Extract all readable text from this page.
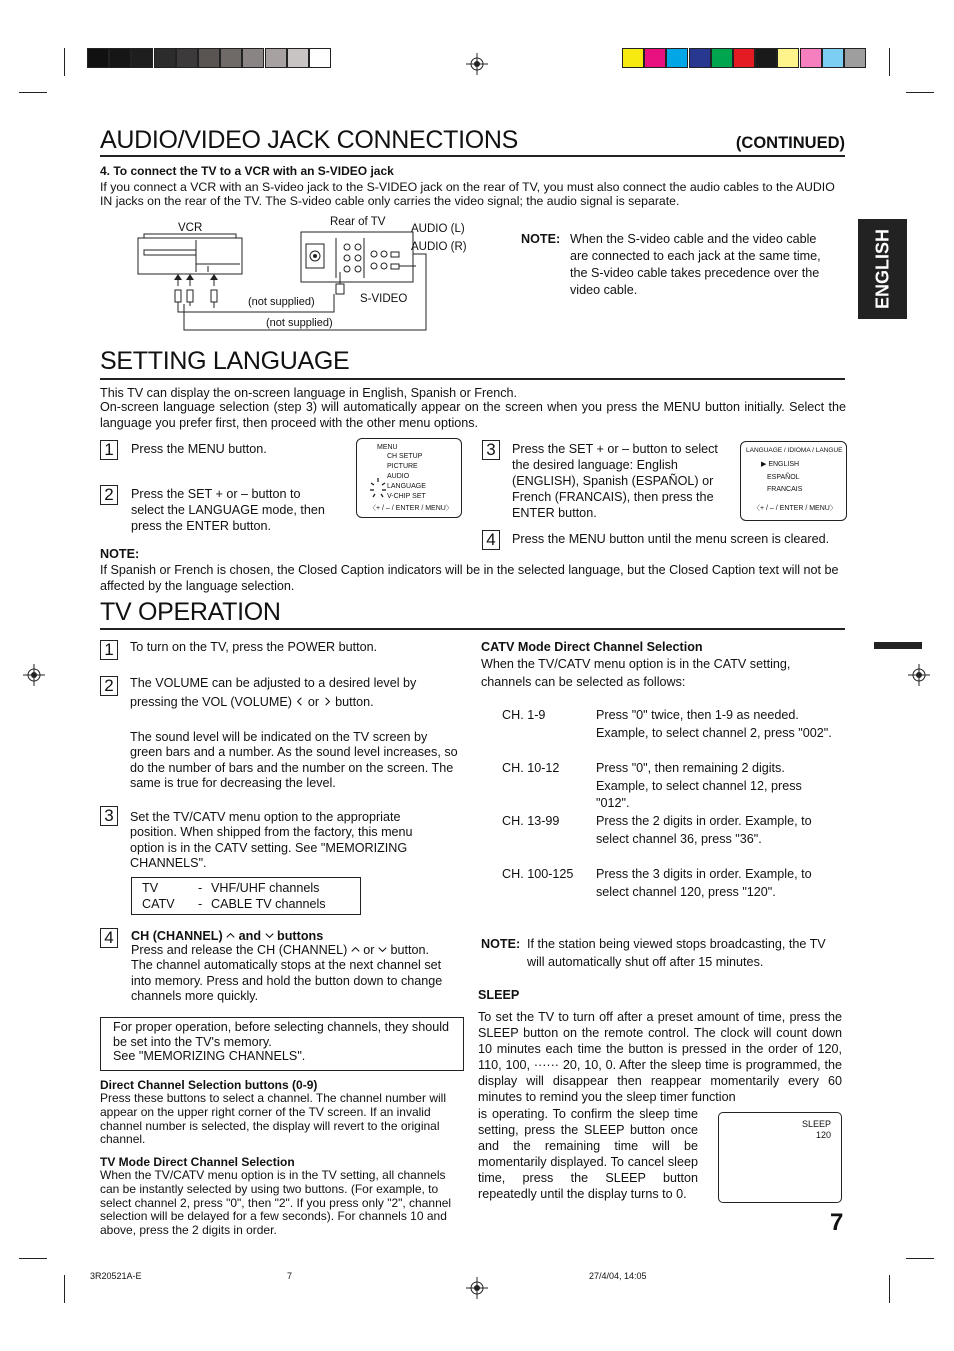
ENGLISH
AUDIO/VIDEO JACK CONNECTIONS	(CONTINUED)
4. To connect the TV to a VCR with an S-VIDEO jack
If you connect a VCR with an S-video jack to the S-VIDEO jack on the rear of TV, you must also connect the audio cables to the AUDIO IN jacks on the rear of the TV. The S-video cable only carries the video signal; the audio signal is separate.
VCR	Rear of TV
AUDIO (L)
AUDIO (R)
(not supplied)	S-VIDEO
(not supplied)
NOTE: When the S-video cable and the video cable are connected to each jack at the same time, the S-video cable takes precedence over the video cable.
SETTING LANGUAGE
This TV can display the on-screen language in English, Spanish or French.
On-screen language selection (step 3) will automatically appear on the screen when you press the MENU button initially. Select the language you prefer first, then proceed with the other menu options.
1	Press the MENU button.
2	Press the SET + or – button to select the LANGUAGE mode, then press the ENTER button.
MENU
CH SETUP
PICTURE
AUDIO
LANGUAGE
V-CHIP SET
〈+ / – / ENTER / MENU〉
3	Press the SET + or – button to select the desired language: English (ENGLISH), Spanish (ESPAÑOL) or French (FRANCAIS), then press the ENTER button.
LANGUAGE / IDIOMA / LANGUE
▶ ENGLISH
ESPAÑOL
FRANCAIS
〈+ / – / ENTER / MENU〉
4	Press the MENU button until the menu screen is cleared.
NOTE:
If Spanish or French is chosen, the Closed Caption indicators will be in the selected language, but the Closed Caption text will not be affected by the language selection.
TV OPERATION
1	To turn on the TV, press the POWER button.
2	The VOLUME can be adjusted to a desired level by pressing the VOL (VOLUME)  or  button.
The sound level will be indicated on the TV screen by green bars and a number. As the sound level increases, so do the number of bars and the number on the screen. The same is true for decreasing the level.
3	Set the TV/CATV menu option to the appropriate position. When shipped from the factory, this menu option is in the CATV setting. See "MEMORIZING CHANNELS".
TV	- VHF/UHF channels
CATV - CABLE TV channels
4	CH (CHANNEL)  and  buttons
Press and release the CH (CHANNEL)  or  button. The channel automatically stops at the next channel set into memory. Press and hold the button down to change channels more quickly.
For proper operation, before selecting channels, they should be set into the TV's memory.
See "MEMORIZING CHANNELS".
Direct Channel Selection buttons (0-9)
Press these buttons to select a channel. The channel number will appear on the upper right corner of the TV screen. If an invalid channel number is selected, the display will revert to the original channel.
TV Mode Direct Channel Selection
When the TV/CATV menu option is in the TV setting, all channels can be instantly selected by using two buttons. (For example, to select channel 2, press "0", then "2". If you press only "2", channel selection will be delayed for a few seconds). For channels 10 and above, press the 2 digits in order.
CATV Mode Direct Channel Selection
When the TV/CATV menu option is in the CATV setting, channels can be selected as follows:
CH. 1-9	Press "0" twice, then 1-9 as needed. Example, to select channel 2, press "002".
CH. 10-12	Press "0", then remaining 2 digits. Example, to select channel 12, press "012".
CH. 13-99	Press the 2 digits in order. Example, to select channel 36, press "36".
CH. 100-125 Press the 3 digits in order. Example, to select channel 120, press "120".
NOTE: If the station being viewed stops broadcasting, the TV will automatically shut off after 15 minutes.
SLEEP
To set the TV to turn off after a preset amount of time, press the SLEEP button on the remote control. The clock will count down 10 minutes each time the button is pressed in the order of 120, 110, 100, ······ 20, 10, 0. After the sleep time is programmed, the display will disappear then reappear momentarily every 60 minutes to remind you the sleep timer function
is operating. To confirm the sleep time setting, press the SLEEP button once and the remaining time will be momentarily displayed. To cancel sleep time, press the SLEEP button repeatedly until the display turns to 0.
SLEEP
120
7
3R20521A-E	7	27/4/04, 14:05
